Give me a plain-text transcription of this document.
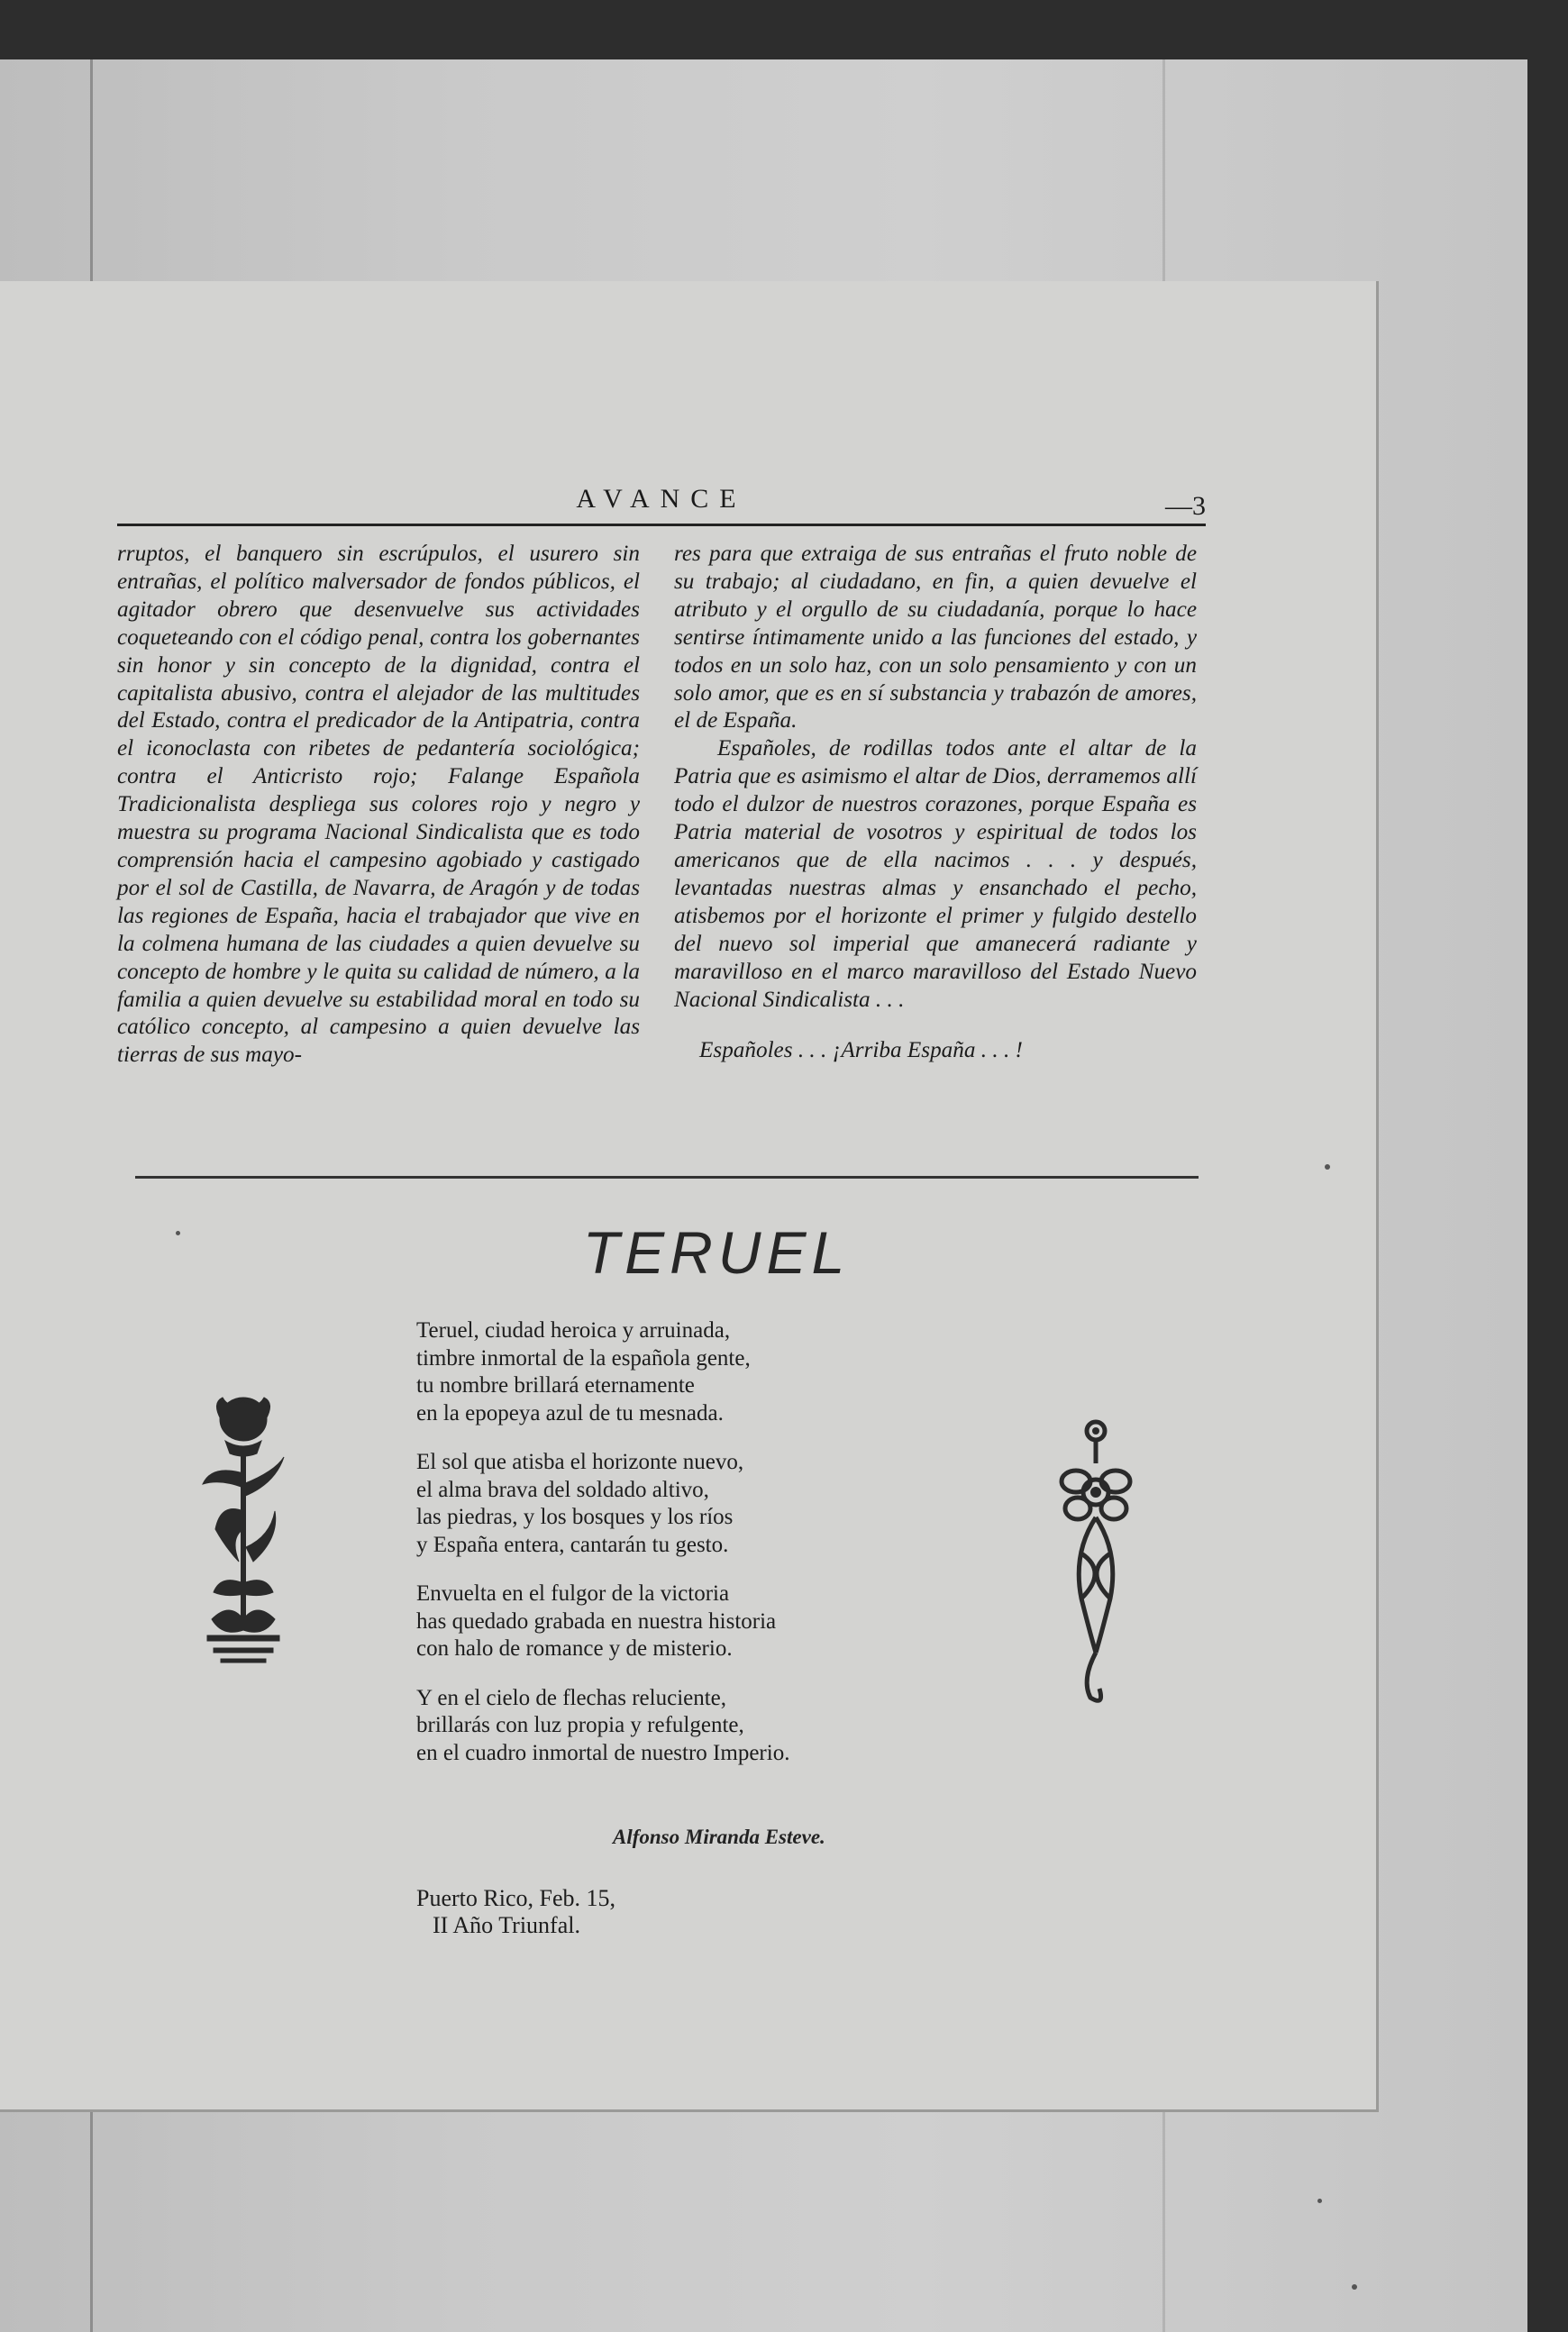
AVANCE	—3

rruptos, el banquero sin escrúpulos, el usurero sin entrañas, el político malversador de fondos públicos, el agitador obrero que desenvuelve sus actividades coqueteando con el código penal, contra los gobernantes sin honor y sin concepto de la dignidad, contra el capitalista abusivo, contra el alejador de las multitudes del Estado, contra el predicador de la Antipatria, contra el iconoclasta con ribetes de pedantería sociológica; contra el Anticristo rojo; Falange Española Tradicionalista despliega sus colores rojo y negro y muestra su programa Nacional Sindicalista que es todo comprensión hacia el campesino agobiado y castigado por el sol de Castilla, de Navarra, de Aragón y de todas las regiones de España, hacia el trabajador que vive en la colmena humana de las ciudades a quien devuelve su concepto de hombre y le quita su calidad de número, a la familia a quien devuelve su estabilidad moral en todo su católico concepto, al campesino a quien devuelve las tierras de sus mayo-

res para que extraiga de sus entrañas el fruto noble de su trabajo; al ciudadano, en fin, a quien devuelve el atributo y el orgullo de su ciudadanía, porque lo hace sentirse íntimamente unido a las funciones del estado, y todos en un solo haz, con un solo pensamiento y con un solo amor, que es en sí substancia y trabazón de amores, el de España.

Españoles, de rodillas todos ante el altar de la Patria que es asimismo el altar de Dios, derramemos allí todo el dulzor de nuestros corazones, porque España es Patria material de vosotros y espiritual de todos los americanos que de ella nacimos . . . y después, levantadas nuestras almas y ensanchado el pecho, atisbemos por el horizonte el primer y fulgido destello del nuevo sol imperial que amanecerá radiante y maravilloso en el marco maravilloso del Estado Nuevo Nacional Sindicalista . . .

Españoles . . . ¡Arriba España . . . !

TERUEL
Teruel, ciudad heroica y arruinada,
timbre inmortal de la española gente,
tu nombre brillará eternamente
en la epopeya azul de tu mesnada.
El sol que atisba el horizonte nuevo,
el alma brava del soldado altivo,
las piedras, y los bosques y los ríos
y España entera, cantarán tu gesto.
Envuelta en el fulgor de la victoria
has quedado grabada en nuestra historia
con halo de romance y de misterio.
Y en el cielo de flechas reluciente,
brillarás con luz propia y refulgente,
en el cuadro inmortal de nuestro Imperio.
Alfonso Miranda Esteve.
Puerto Rico, Feb. 15,
II Año Triunfal.
